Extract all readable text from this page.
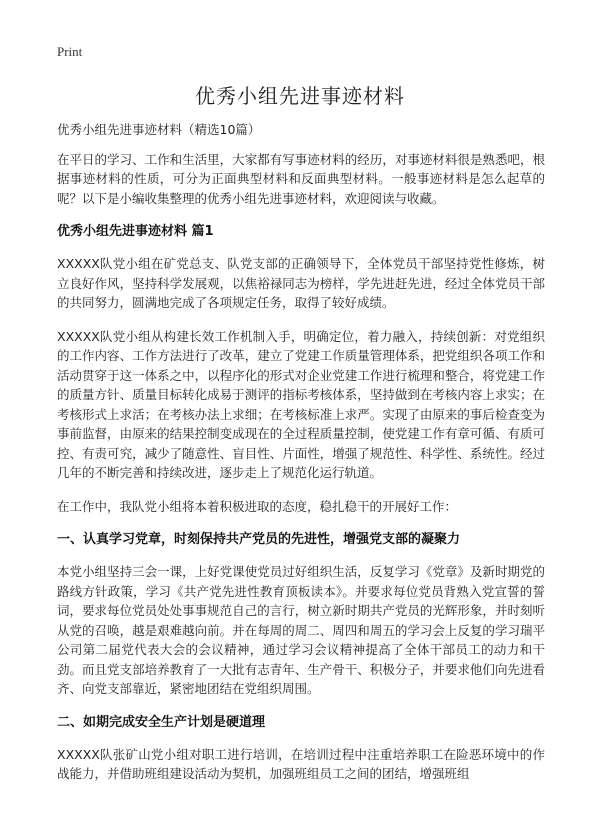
Print
优秀小组先进事迹材料

优秀小组先进事迹材料（精选10篇）

在平日的学习、工作和生活里，大家都有写事迹材料的经历，对事迹材料很是熟悉吧，根据事迹材料的性质，可分为正面典型材料和反面典型材料。一般事迹材料是怎么起草的呢？以下是小编收集整理的优秀小组先进事迹材料，欢迎阅读与收藏。

优秀小组先进事迹材料 篇1

XXXXX队党小组在矿党总支、队党支部的正确领导下，全体党员干部坚持党性修炼，树立良好作风，坚持科学发展观，以焦裕禄同志为榜样，学先进赶先进，经过全体党员干部的共同努力，圆满地完成了各项规定任务，取得了较好成绩。

XXXXX队党小组从构建长效工作机制入手，明确定位，着力融入，持续创新：对党组织的工作内容、工作方法进行了改革，建立了党建工作质量管理体系，把党组织各项工作和活动贯穿于这一体系之中，以程序化的形式对企业党建工作进行梳理和整合，将党建工作的质量方针、质量目标转化成易于测评的指标考核体系，坚持做到在考核内容上求实；在考核形式上求活；在考核办法上求细；在考核标准上求严。实现了由原来的事后检查变为事前监督，由原来的结果控制变成现在的全过程质量控制，使党建工作有章可循、有质可控、有责可究，减少了随意性、盲目性、片面性，增强了规范性、科学性、系统性。经过几年的不断完善和持续改进，逐步走上了规范化运行轨道。

在工作中，我队党小组将本着积极进取的态度，稳扎稳干的开展好工作：

一、认真学习党章，时刻保持共产党员的先进性，增强党支部的凝聚力

本党小组坚持三会一课，上好党课使党员过好组织生活，反复学习《党章》及新时期党的路线方针政策，学习《共产党先进性教育顶板读本》。并要求每位党员背熟入党宣誓的誓词，要求每位党员处处事事规范自己的言行，树立新时期共产党员的光辉形象，并时刻听从党的召唤，越是艰难越向前。并在每周的周二、周四和周五的学习会上反复的学习瑞平公司第二届党代表大会的会议精神，通过学习会议精神提高了全体干部员工的动力和干劲。而且党支部培养教育了一大批有志青年、生产骨干、积极分子，并要求他们向先进看齐、向党支部靠近，紧密地团结在党组织周围。

二、如期完成安全生产计划是硬道理

XXXXX队张矿山党小组对职工进行培训，在培训过程中注重培养职工在险恶环境中的作战能力，并借助班组建设活动为契机，加强班组员工之间的团结，增强班组
